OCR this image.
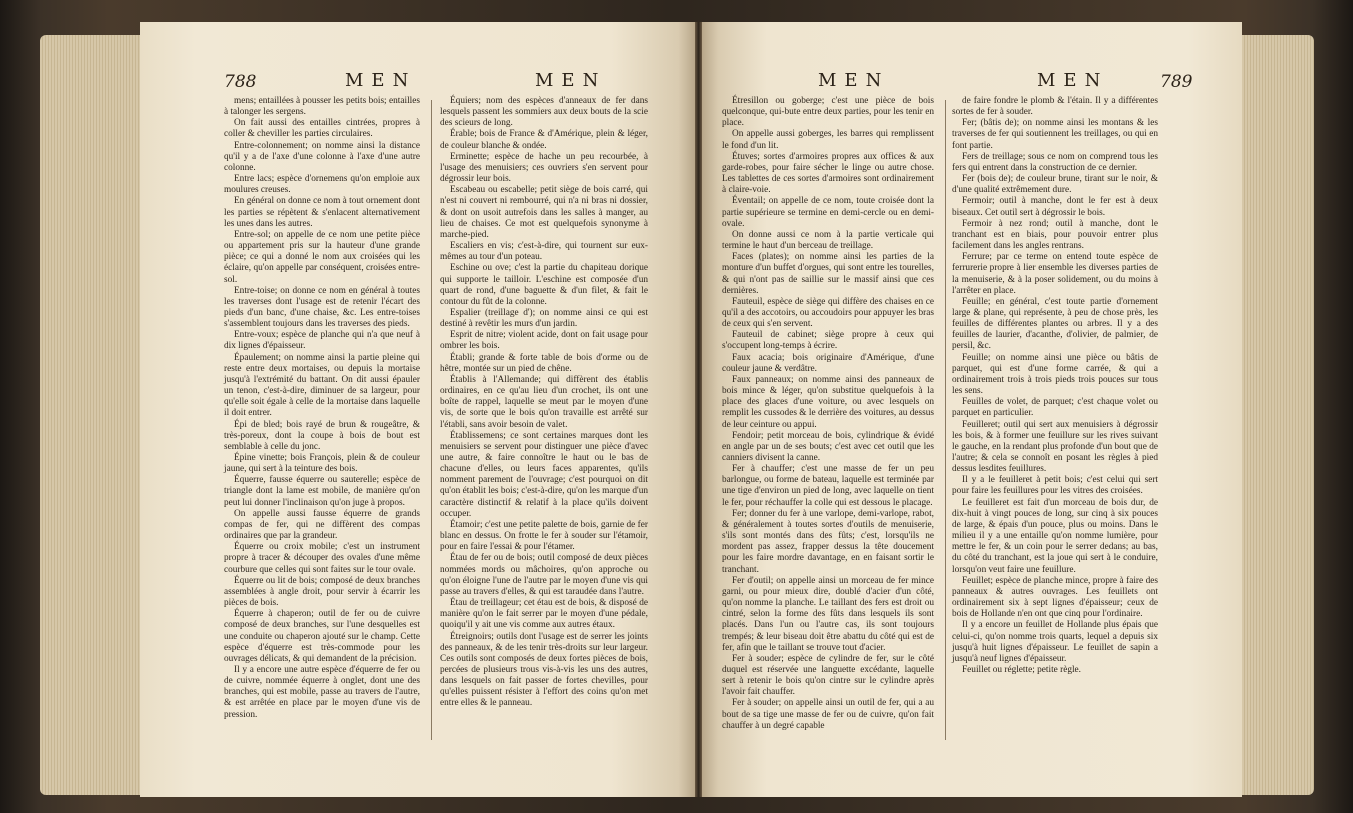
788	MEN	MEN

mens; entaillées à pousser les petits bois; entailles à talonger les sergens.

On fait aussi des entailles cintrées, propres à coller & cheviller les parties circulaires.

Entre-colonnement; on nomme ainsi la distance qu'il y a de l'axe d'une colonne à l'axe d'une autre colonne.

Entre lacs; espèce d'ornemens qu'on emploie aux moulures creuses.

En général on donne ce nom à tout ornement dont les parties se répètent & s'enlacent alternativement les unes dans les autres.

Entre-sol; on appelle de ce nom une petite pièce ou appartement pris sur la hauteur d'une grande pièce; ce qui a donné le nom aux croisées qui les éclaire, qu'on appelle par conséquent, croisées entre-sol.

Entre-toise; on donne ce nom en général à toutes les traverses dont l'usage est de retenir l'écart des pieds d'un banc, d'une chaise, &c. Les entre-toises s'assemblent toujours dans les traverses des pieds.

Entre-voux; espèce de planche qui n'a que neuf à dix lignes d'épaisseur.

Épaulement; on nomme ainsi la partie pleine qui reste entre deux mortaises, ou depuis la mortaise jusqu'à l'extrémité du battant. On dit aussi épauler un tenon, c'est-à-dire, diminuer de sa largeur, pour qu'elle soit égale à celle de la mortaise dans laquelle il doit entrer.

Épi de bled; bois rayé de brun & rougeâtre, & très-poreux, dont la coupe à bois de bout est semblable à celle du jonc.

Épine vinette; bois François, plein & de couleur jaune, qui sert à la teinture des bois.

Équerre, fausse équerre ou sauterelle; espèce de triangle dont la lame est mobile, de manière qu'on peut lui donner l'inclinaison qu'on juge à propos.

On appelle aussi fausse équerre de grands compas de fer, qui ne diffèrent des compas ordinaires que par la grandeur.

Équerre ou croix mobile; c'est un instrument propre à tracer & découper des ovales d'une même courbure que celles qui sont faites sur le tour ovale.

Équerre ou lit de bois; composé de deux branches assemblées à angle droit, pour servir à écarrir les pièces de bois.

Équerre à chaperon; outil de fer ou de cuivre composé de deux branches, sur l'une desquelles est une conduite ou chaperon ajouté sur le champ. Cette espèce d'équerre est très-commode pour les ouvrages délicats, & qui demandent de la précision.

Il y a encore une autre espèce d'équerre de fer ou de cuivre, nommée équerre à onglet, dont une des branches, qui est mobile, passe au travers de l'autre, & est arrêtée en place par le moyen d'une vis de pression.

Équiers; nom des espèces d'anneaux de fer dans lesquels passent les sommiers aux deux bouts de la scie des scieurs de long.

Érable; bois de France & d'Amérique, plein & léger, de couleur blanche & ondée.

Erminette; espèce de hache un peu recourbée, à l'usage des menuisiers; ces ouvriers s'en servent pour dégrossir leur bois.

Escabeau ou escabelle; petit siège de bois carré, qui n'est ni couvert ni rembourré, qui n'a ni bras ni dossier, & dont on usoit autrefois dans les salles à manger, au lieu de chaises. Ce mot est quelquefois synonyme à marche-pied.

Escaliers en vis; c'est-à-dire, qui tournent sur eux-mêmes au tour d'un poteau.

Eschine ou ove; c'est la partie du chapiteau dorique qui supporte le tailloir. L'eschine est composée d'un quart de rond, d'une baguette & d'un filet, & fait le contour du fût de la colonne.

Espalier (treillage d'); on nomme ainsi ce qui est destiné à revêtir les murs d'un jardin.

Esprit de nitre; violent acide, dont on fait usage pour ombrer les bois.

Établi; grande & forte table de bois d'orme ou de hêtre, montée sur un pied de chêne.

Établis à l'Allemande; qui diffèrent des établis ordinaires, en ce qu'au lieu d'un crochet, ils ont une boîte de rappel, laquelle se meut par le moyen d'une vis, de sorte que le bois qu'on travaille est arrêté sur l'établi, sans avoir besoin de valet.

Établissemens; ce sont certaines marques dont les menuisiers se servent pour distinguer une pièce d'avec une autre, & faire connoître le haut ou le bas de chacune d'elles, ou leurs faces apparentes, qu'ils nomment parement de l'ouvrage; c'est pourquoi on dit qu'on établit les bois; c'est-à-dire, qu'on les marque d'un caractère distinctif & relatif à la place qu'ils doivent occuper.

Étamoir; c'est une petite palette de bois, garnie de fer blanc en dessus. On frotte le fer à souder sur l'étamoir, pour en faire l'essai & pour l'étamer.

Étau de fer ou de bois; outil composé de deux pièces nommées mords ou mâchoires, qu'on approche ou qu'on éloigne l'une de l'autre par le moyen d'une vis qui passe au travers d'elles, & qui est taraudée dans l'autre.

Étau de treillageur; cet étau est de bois, & disposé de manière qu'on le fait serrer par le moyen d'une pédale, quoiqu'il y ait une vis comme aux autres étaux.

Étreignoirs; outils dont l'usage est de serrer les joints des panneaux, & de les tenir très-droits sur leur largeur. Ces outils sont composés de deux fortes pièces de bois, percées de plusieurs trous vis-à-vis les uns des autres, dans lesquels on fait passer de fortes chevilles, pour qu'elles puissent résister à l'effort des coins qu'on met entre elles & le panneau.

MEN	MEN	789

Étresillon ou goberge; c'est une pièce de bois quelconque, qui-bute entre deux parties, pour les tenir en place.

On appelle aussi goberges, les barres qui remplissent le fond d'un lit.

Étuves; sortes d'armoires propres aux offices & aux garde-robes, pour faire sécher le linge ou autre chose. Les tablettes de ces sortes d'armoires sont ordinairement à claire-voie.

Éventail; on appelle de ce nom, toute croisée dont la partie supérieure se termine en demi-cercle ou en demi-ovale.

On donne aussi ce nom à la partie verticale qui termine le haut d'un berceau de treillage.

Faces (plates); on nomme ainsi les parties de la monture d'un buffet d'orgues, qui sont entre les tourelles, & qui n'ont pas de saillie sur le massif ainsi que ces dernières.

Fauteuil, espèce de siège qui diffère des chaises en ce qu'il a des accotoirs, ou accoudoirs pour appuyer les bras de ceux qui s'en servent.

Fauteuil de cabinet; siège propre à ceux qui s'occupent long-temps à écrire.

Faux acacia; bois originaire d'Amérique, d'une couleur jaune & verdâtre.

Faux panneaux; on nomme ainsi des panneaux de bois mince & léger, qu'on substitue quelquefois à la place des glaces d'une voiture, ou avec lesquels on remplit les cussodes & le derrière des voitures, au dessus de leur ceinture ou appui.

Fendoir; petit morceau de bois, cylindrique & évidé en angle par un de ses bouts; c'est avec cet outil que les canniers divisent la canne.

Fer à chauffer; c'est une masse de fer un peu barlongue, ou forme de bateau, laquelle est terminée par une tige d'environ un pied de long, avec laquelle on tient le fer, pour réchauffer la colle qui est dessous le placage.

Fer; donner du fer à une varlope, demi-varlope, rabot, & généralement à toutes sortes d'outils de menuiserie, s'ils sont montés dans des fûts; c'est, lorsqu'ils ne mordent pas assez, frapper dessus la tête doucement pour les faire mordre davantage, en en faisant sortir le tranchant.

Fer d'outil; on appelle ainsi un morceau de fer mince garni, ou pour mieux dire, doublé d'acier d'un côté, qu'on nomme la planche. Le taillant des fers est droit ou cintré, selon la forme des fûts dans lesquels ils sont placés. Dans l'un ou l'autre cas, ils sont toujours trempés; & leur biseau doit être abattu du côté qui est de fer, afin que le taillant se trouve tout d'acier.

Fer à souder; espèce de cylindre de fer, sur le côté duquel est réservée une languette excédante, laquelle sert à retenir le bois qu'on cintre sur le cylindre après l'avoir fait chauffer.

Fer à souder; on appelle ainsi un outil de fer, qui a au bout de sa tige une masse de fer ou de cuivre, qu'on fait chauffer à un degré capable

de faire fondre le plomb & l'étain. Il y a différentes sortes de fer à souder.

Fer; (bâtis de); on nomme ainsi les montans & les traverses de fer qui soutiennent les treillages, ou qui en font partie.

Fers de treillage; sous ce nom on comprend tous les fers qui entrent dans la construction de ce dernier.

Fer (bois de); de couleur brune, tirant sur le noir, & d'une qualité extrêmement dure.

Fermoir; outil à manche, dont le fer est à deux biseaux. Cet outil sert à dégrossir le bois.

Fermoir à nez rond; outil à manche, dont le tranchant est en biais, pour pouvoir entrer plus facilement dans les angles rentrans.

Ferrure; par ce terme on entend toute espèce de ferrurerie propre à lier ensemble les diverses parties de la menuiserie, & à la poser solidement, ou du moins à l'arrêter en place.

Feuille; en général, c'est toute partie d'ornement large & plane, qui représente, à peu de chose près, les feuilles de différentes plantes ou arbres. Il y a des feuilles de laurier, d'acanthe, d'olivier, de palmier, de persil, &c.

Feuille; on nomme ainsi une pièce ou bâtis de parquet, qui est d'une forme carrée, & qui a ordinairement trois à trois pieds trois pouces sur tous les sens.

Feuilles de volet, de parquet; c'est chaque volet ou parquet en particulier.

Feuilleret; outil qui sert aux menuisiers à dégrossir les bois, & à former une feuillure sur les rives suivant le gauche, en la rendant plus profonde d'un bout que de l'autre; & cela se connoît en posant les règles à pied dessus lesdites feuillures.

Il y a le feuilleret à petit bois; c'est celui qui sert pour faire les feuillures pour les vitres des croisées.

Le feuilleret est fait d'un morceau de bois dur, de dix-huit à vingt pouces de long, sur cinq à six pouces de large, & épais d'un pouce, plus ou moins. Dans le milieu il y a une entaille qu'on nomme lumière, pour mettre le fer, & un coin pour le serrer dedans; au bas, du côté du tranchant, est la joue qui sert à le conduire, lorsqu'on veut faire une feuillure.

Feuillet; espèce de planche mince, propre à faire des panneaux & autres ouvrages. Les feuillets ont ordinairement six à sept lignes d'épaisseur; ceux de bois de Hollande n'en ont que cinq pour l'ordinaire.

Il y a encore un feuillet de Hollande plus épais que celui-ci, qu'on nomme trois quarts, lequel a depuis six jusqu'à huit lignes d'épaisseur. Le feuillet de sapin a jusqu'à neuf lignes d'épaisseur.

Feuillet ou réglette; petite règle.
